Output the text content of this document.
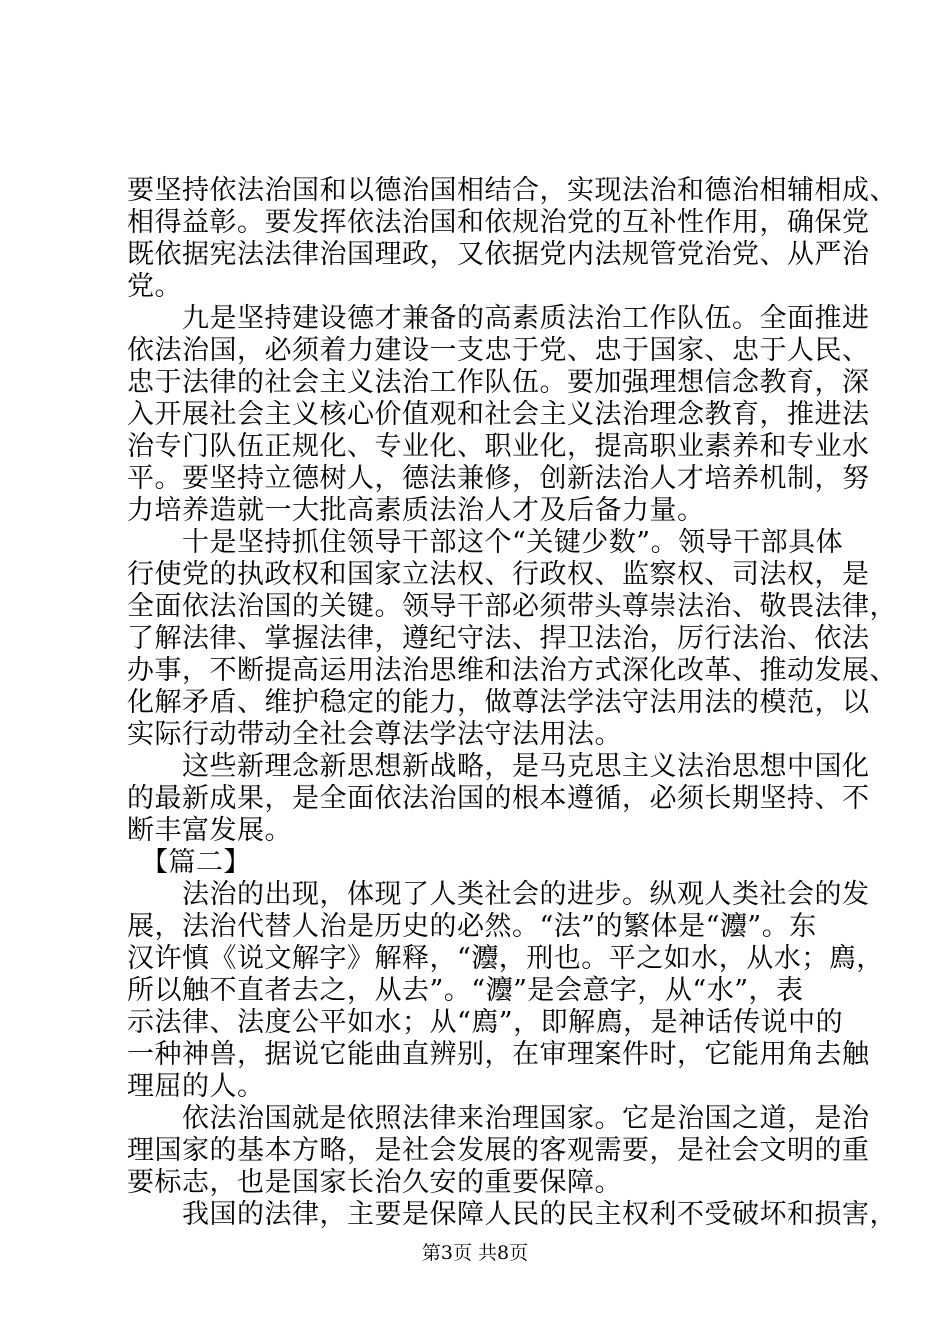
要坚持依法治国和以德治国相结合，实现法治和德治相辅相成、
相得益彰。要发挥依法治国和依规治党的互补性作用，确保党
既依据宪法法律治国理政，又依据党内法规管党治党、从严治
党。
　　九是坚持建设德才兼备的高素质法治工作队伍。全面推进
依法治国，必须着力建设一支忠于党、忠于国家、忠于人民、
忠于法律的社会主义法治工作队伍。要加强理想信念教育，深
入开展社会主义核心价值观和社会主义法治理念教育，推进法
治专门队伍正规化、专业化、职业化，提高职业素养和专业水
平。要坚持立德树人，德法兼修，创新法治人才培养机制，努
力培养造就一大批高素质法治人才及后备力量。
　　十是坚持抓住领导干部这个“关键少数”。领导干部具体
行使党的执政权和国家立法权、行政权、监察权、司法权，是
全面依法治国的关键。领导干部必须带头尊崇法治、敬畏法律，
了解法律、掌握法律，遵纪守法、捍卫法治，厉行法治、依法
办事，不断提高运用法治思维和法治方式深化改革、推动发展、
化解矛盾、维护稳定的能力，做尊法学法守法用法的模范，以
实际行动带动全社会尊法学法守法用法。
　　这些新理念新思想新战略，是马克思主义法治思想中国化
的最新成果，是全面依法治国的根本遵循，必须长期坚持、不
断丰富发展。
　【篇二】
　　法治的出现，体现了人类社会的进步。纵观人类社会的发
展，法治代替人治是历史的必然。“法”的繁体是“灋”。东
汉许慎《说文解字》解释，“灋，刑也。平之如水，从水；廌，
所以触不直者去之，从去”。“灋”是会意字，从“水”，表
示法律、法度公平如水；从“廌”，即解廌，是神话传说中的
一种神兽，据说它能曲直辨别，在审理案件时，它能用角去触
理屈的人。
　　依法治国就是依照法律来治理国家。它是治国之道，是治
理国家的基本方略，是社会发展的客观需要，是社会文明的重
要标志，也是国家长治久安的重要保障。
　　我国的法律，主要是保障人民的民主权利不受破坏和损害，
第3页 共8页
